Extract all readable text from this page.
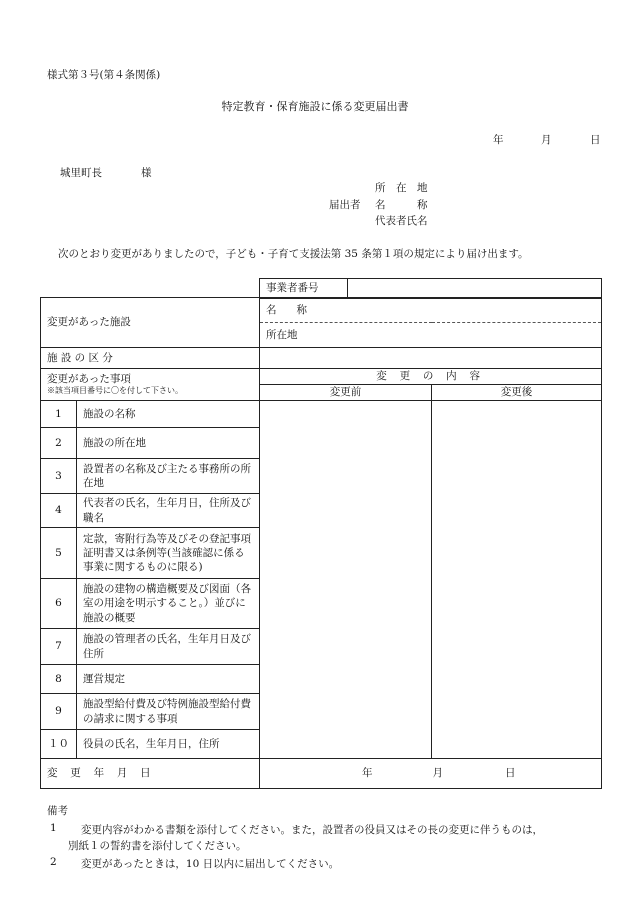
様式第３号(第４条関係)
特定教育・保育施設に係る変更届出書
年	月	日
城里町長	様
所　在　地
届出者 名　　　称
代表者氏名
次のとおり変更がありましたので，子ども・子育て支援法第 35 条第１項の規定により届け出ます。
事業者番号	
変更があった施設		名　称	
		所在地	
施 設 の 区 分			

変更があった事項
※該当項目番号に〇を付して下さい。		変 更 の 内 容	
		変更前	変更後
1	施設の名称		
2	施設の所在地		
3	設置者の名称及び主たる事務所の所在地		
4	代表者の氏名，生年月日，住所及び職名		
5	定款，寄附行為等及びその登記事項証明書又は条例等(当該確認に係る事業に関するものに限る)		
6	施設の建物の構造概要及び図面（各室の用途を明示すること。）並びに施設の概要		
7	施設の管理者の氏名，生年月日及び住所		
8	運営規定		
9	施設型給付費及び特例施設型給付費の請求に関する事項		
１０	役員の氏名，生年月日，住所		
変 更 年 月 日		年 月 日	
備考
1 変更内容がわかる書類を添付してください。また，設置者の役員又はその長の変更に伴うものは，
別紙１の誓約書を添付してください。
2 変更があったときは，10 日以内に届出してください。
